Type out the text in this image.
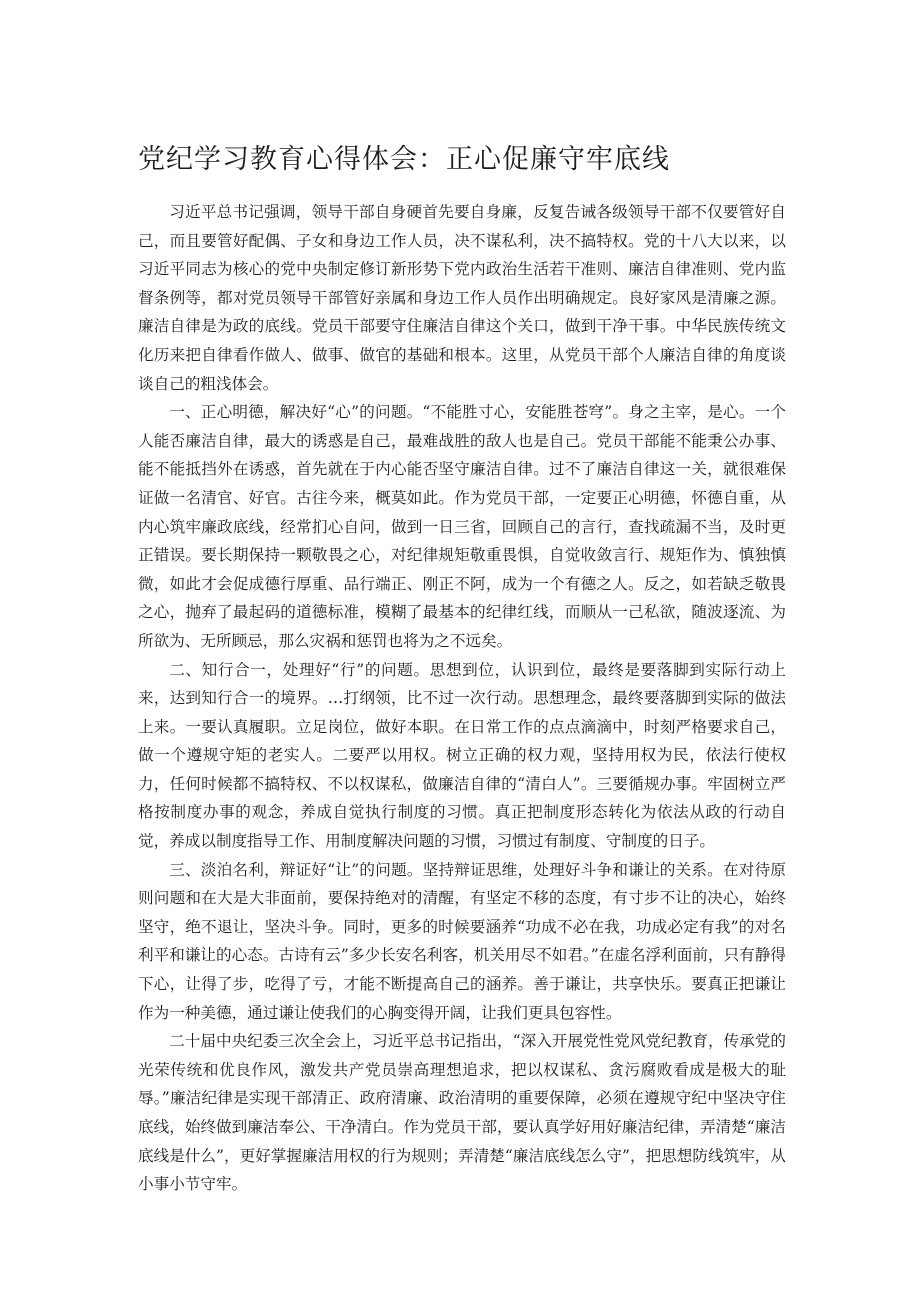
党纪学习教育心得体会：正心促廉守牢底线

习近平总书记强调，领导干部自身硬首先要自身廉，反复告诫各级领导干部不仅要管好自己，而且要管好配偶、子女和身边工作人员，决不谋私利，决不搞特权。党的十八大以来，以习近平同志为核心的党中央制定修订新形势下党内政治生活若干准则、廉洁自律准则、党内监督条例等，都对党员领导干部管好亲属和身边工作人员作出明确规定。良好家风是清廉之源。廉洁自律是为政的底线。党员干部要守住廉洁自律这个关口，做到干净干事。中华民族传统文化历来把自律看作做人、做事、做官的基础和根本。这里，从党员干部个人廉洁自律的角度谈谈自己的粗浅体会。

一、正心明德，解决好“心”的问题。“不能胜寸心，安能胜苍穹”。身之主宰，是心。一个人能否廉洁自律，最大的诱惑是自己，最难战胜的敌人也是自己。党员干部能不能秉公办事、能不能抵挡外在诱惑，首先就在于内心能否坚守廉洁自律。过不了廉洁自律这一关，就很难保证做一名清官、好官。古往今来，概莫如此。作为党员干部，一定要正心明德，怀德自重，从内心筑牢廉政底线，经常扪心自问，做到一日三省，回顾自己的言行，查找疏漏不当，及时更正错误。要长期保持一颗敬畏之心，对纪律规矩敬重畏惧，自觉收敛言行、规矩作为、慎独慎微，如此才会促成德行厚重、品行端正、刚正不阿，成为一个有德之人。反之，如若缺乏敬畏之心，抛弃了最起码的道德标准，模糊了最基本的纪律红线，而顺从一己私欲，随波逐流、为所欲为、无所顾忌，那么灾祸和惩罚也将为之不远矣。

二、知行合一，处理好“行”的问题。思想到位，认识到位，最终是要落脚到实际行动上来，达到知行合一的境界。…打纲领，比不过一次行动。思想理念，最终要落脚到实际的做法上来。一要认真履职。立足岗位，做好本职。在日常工作的点点滴滴中，时刻严格要求自己，做一个遵规守矩的老实人。二要严以用权。树立正确的权力观，坚持用权为民，依法行使权力，任何时候都不搞特权、不以权谋私，做廉洁自律的“清白人”。三要循规办事。牢固树立严格按制度办事的观念，养成自觉执行制度的习惯。真正把制度形态转化为依法从政的行动自觉，养成以制度指导工作、用制度解决问题的习惯，习惯过有制度、守制度的日子。

三、淡泊名利，辩证好“让”的问题。坚持辩证思维，处理好斗争和谦让的关系。在对待原则问题和在大是大非面前，要保持绝对的清醒，有坚定不移的态度，有寸步不让的决心，始终坚守，绝不退让，坚决斗争。同时，更多的时候要涵养“功成不必在我，功成必定有我”的对名利平和谦让的心态。古诗有云”多少长安名利客，机关用尽不如君。”在虚名浮利面前，只有静得下心，让得了步，吃得了亏，才能不断提高自己的涵养。善于谦让，共享快乐。要真正把谦让作为一种美德，通过谦让使我们的心胸变得开阔，让我们更具包容性。

二十届中央纪委三次全会上，习近平总书记指出，“深入开展党性党风党纪教育，传承党的光荣传统和优良作风，激发共产党员崇高理想追求，把以权谋私、贪污腐败看成是极大的耻辱。”廉洁纪律是实现干部清正、政府清廉、政治清明的重要保障，必须在遵规守纪中坚决守住底线，始终做到廉洁奉公、干净清白。作为党员干部，要认真学好用好廉洁纪律，弄清楚“廉洁底线是什么”，更好掌握廉洁用权的行为规则；弄清楚“廉洁底线怎么守”，把思想防线筑牢，从小事小节守牢。
